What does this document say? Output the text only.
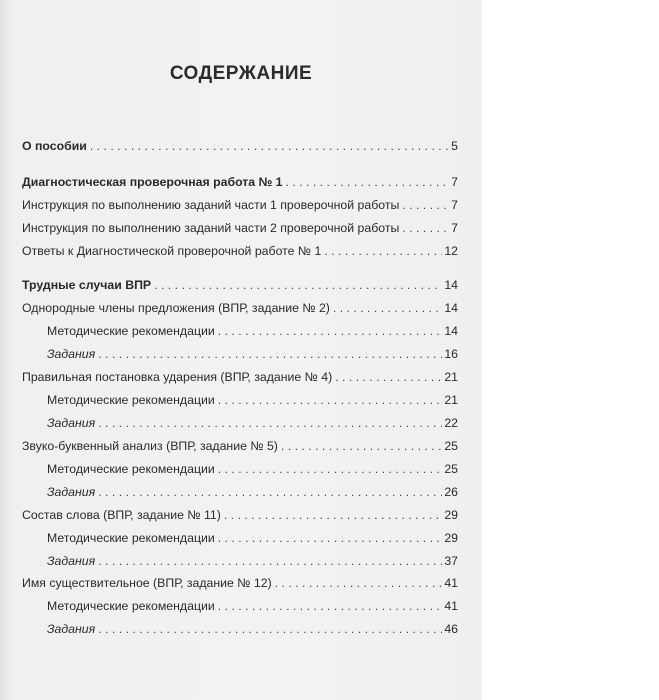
СОДЕРЖАНИЕ
О пособии . . .	5
Диагностическая проверочная работа № 1 . . .	7
Инструкция по выполнению заданий части 1 проверочной работы . . .	7
Инструкция по выполнению заданий части 2 проверочной работы . . .	7
Ответы к Диагностической проверочной работе № 1 . . .	12
Трудные случаи ВПР . . .	14
Однородные члены предложения (ВПР, задание № 2) . . .	14
Методические рекомендации . . .	14
Задания . . .	16
Правильная постановка ударения (ВПР, задание № 4) . . .	21
Методические рекомендации . . .	21
Задания . . .	22
Звуко-буквенный анализ (ВПР, задание № 5) . . .	25
Методические рекомендации . . .	25
Задания . . .	26
Состав слова (ВПР, задание № 11) . . .	29
Методические рекомендации . . .	29
Задания . . .	37
Имя существительное (ВПР, задание № 12) . . .	41
Методические рекомендации . . .	41
Задания . . .	46
